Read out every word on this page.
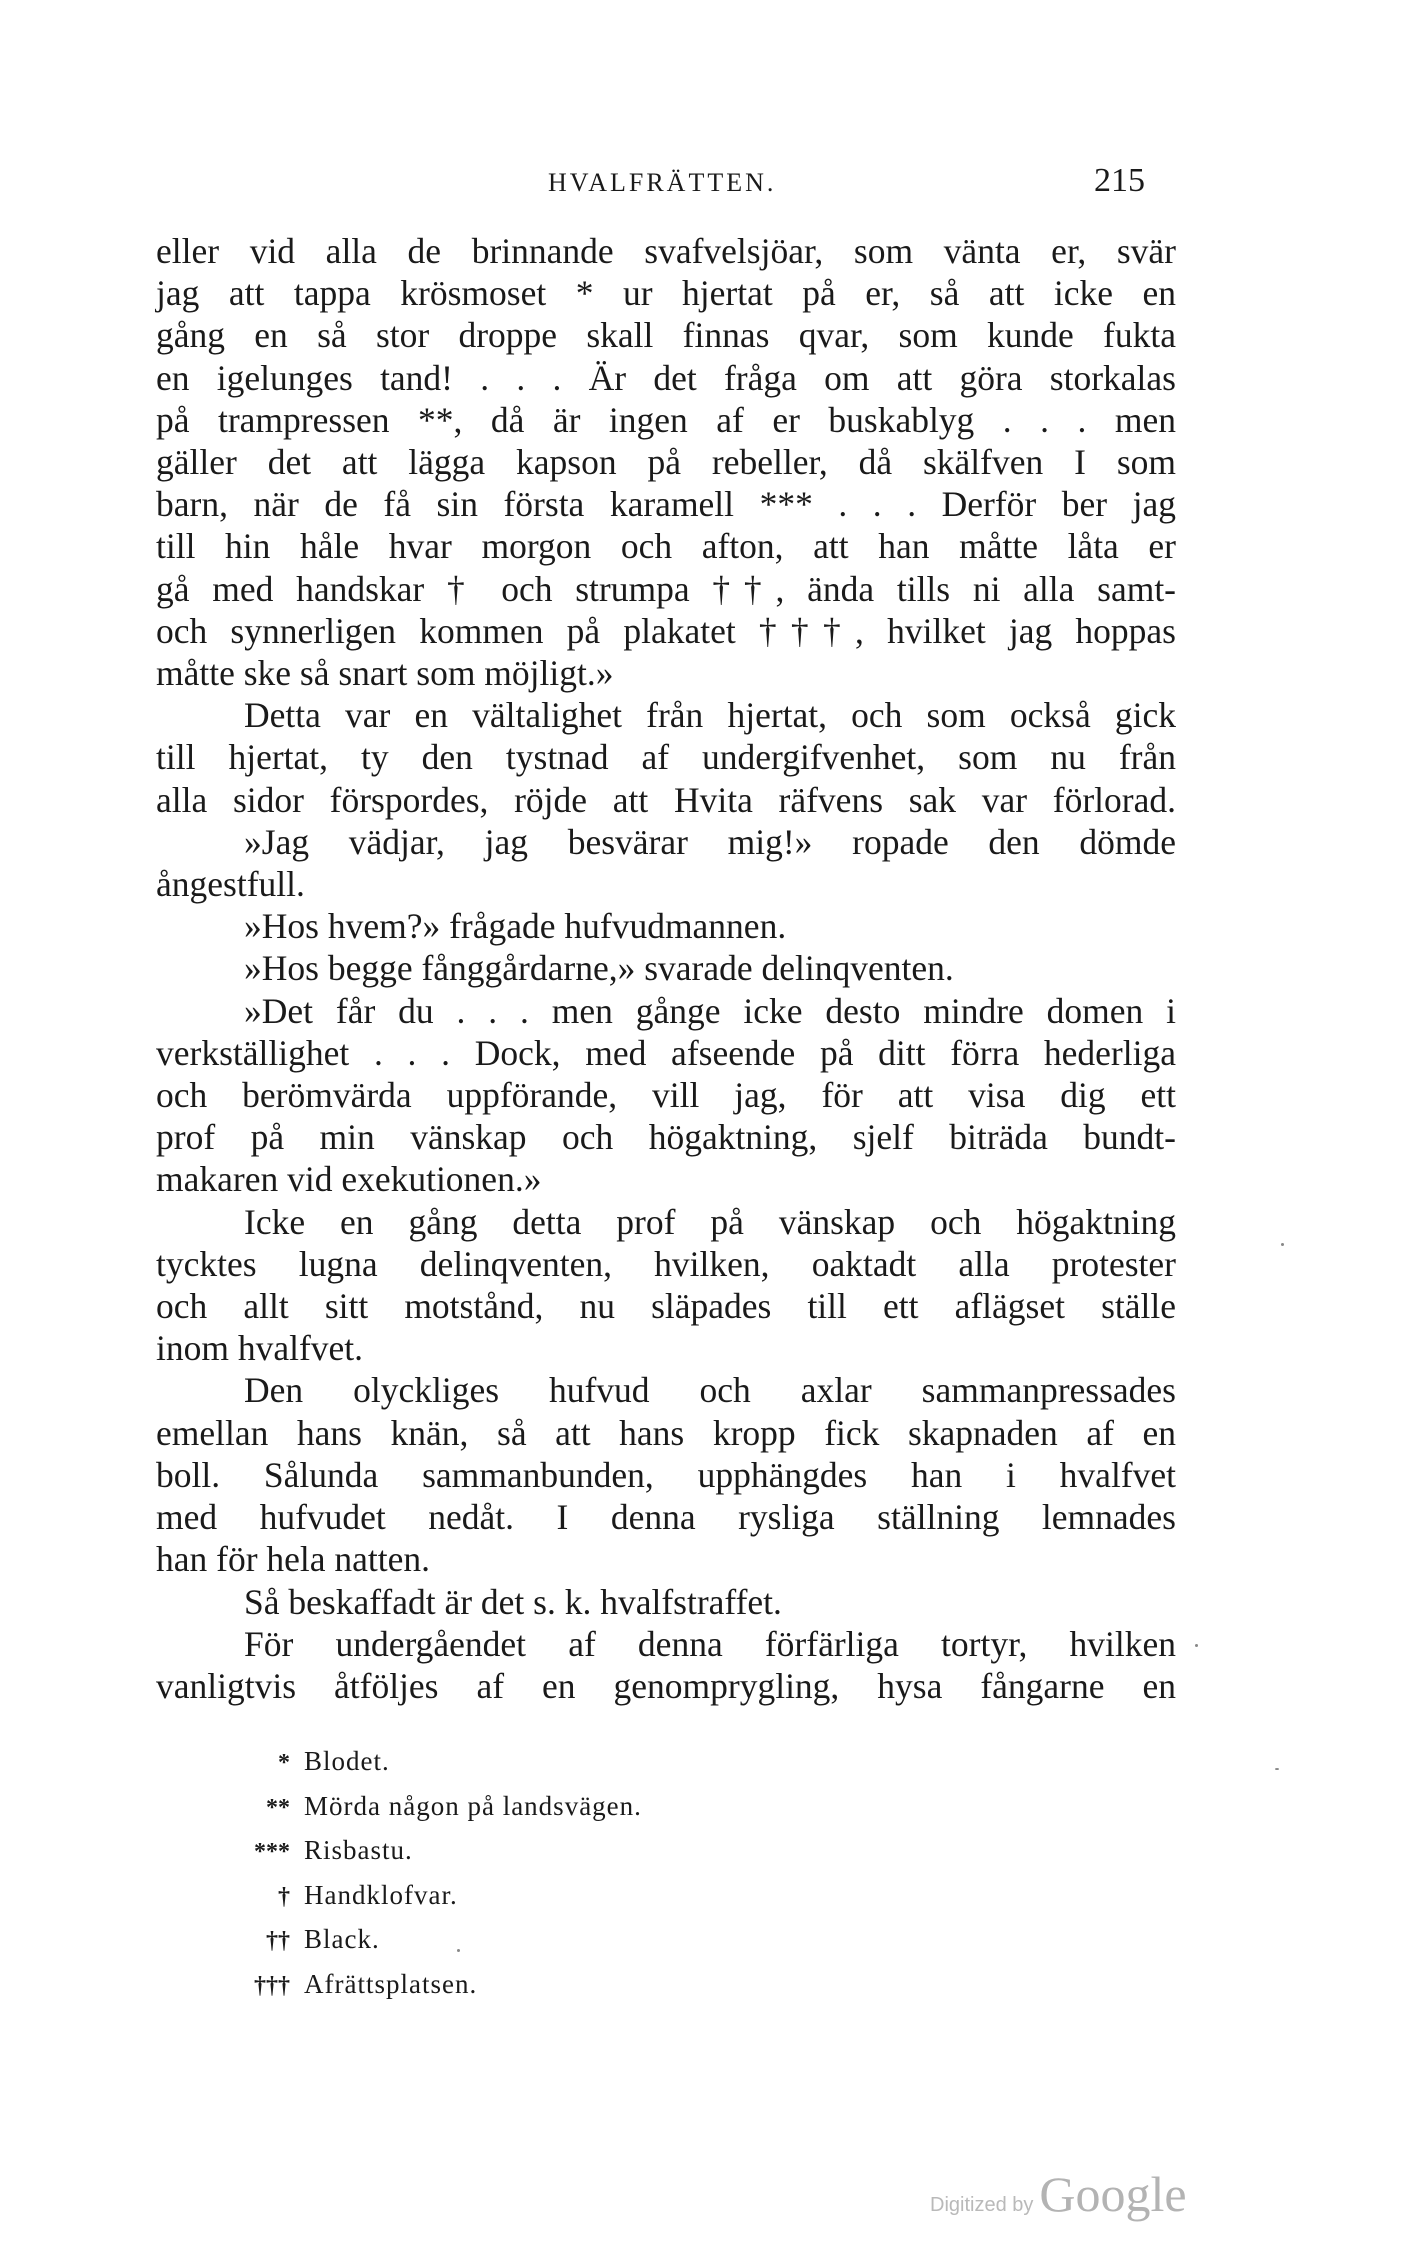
HVALFRÄTTEN.	215
eller vid alla de brinnande svafvelsjöar, som vänta er, svär
jag att tappa krösmoset * ur hjertat på er, så att icke en
gång en så stor droppe skall finnas qvar, som kunde fukta
en igelunges tand! . . . Är det fråga om att göra storkalas
på trampressen **, då är ingen af er buskablyg . . . men
gäller det att lägga kapson på rebeller, då skälfven I som
barn, när de få sin första karamell *** . . . Derför ber jag
till hin håle hvar morgon och afton, att han måtte låta er
gå med handskar † och strumpa ††, ända tills ni alla samt-
och synnerligen kommen på plakatet †††, hvilket jag hoppas
måtte ske så snart som möjligt.»
Detta var en vältalighet från hjertat, och som också gick
till hjertat, ty den tystnad af undergifvenhet, som nu från
alla sidor förspordes, röjde att Hvita räfvens sak var förlorad.
»Jag vädjar, jag besvärar mig!» ropade den dömde
ångestfull.
»Hos hvem?» frågade hufvudmannen.
»Hos begge fånggårdarne,» svarade delinqventen.
»Det får du . . . men gånge icke desto mindre domen i
verkställighet . . . Dock, med afseende på ditt förra hederliga
och berömvärda uppförande, vill jag, för att visa dig ett
prof på min vänskap och högaktning, sjelf biträda bundt-
makaren vid exekutionen.»
Icke en gång detta prof på vänskap och högaktning
tycktes lugna delinqventen, hvilken, oaktadt alla protester
och allt sitt motstånd, nu släpades till ett aflägset ställe
inom hvalfvet.
Den olyckliges hufvud och axlar sammanpressades
emellan hans knän, så att hans kropp fick skapnaden af en
boll. Sålunda sammanbunden, upphängdes han i hvalfvet
med hufvudet nedåt. I denna rysliga ställning lemnades
han för hela natten.
Så beskaffadt är det s. k. hvalfstraffet.
För undergåendet af denna förfärliga tortyr, hvilken
vanligtvis åtföljes af en genomprygling, hysa fångarne en
* Blodet.
** Mörda någon på landsvägen.
*** Risbastu.
† Handklofvar.
†† Black.
††† Afrättsplatsen.
Digitized by Google
